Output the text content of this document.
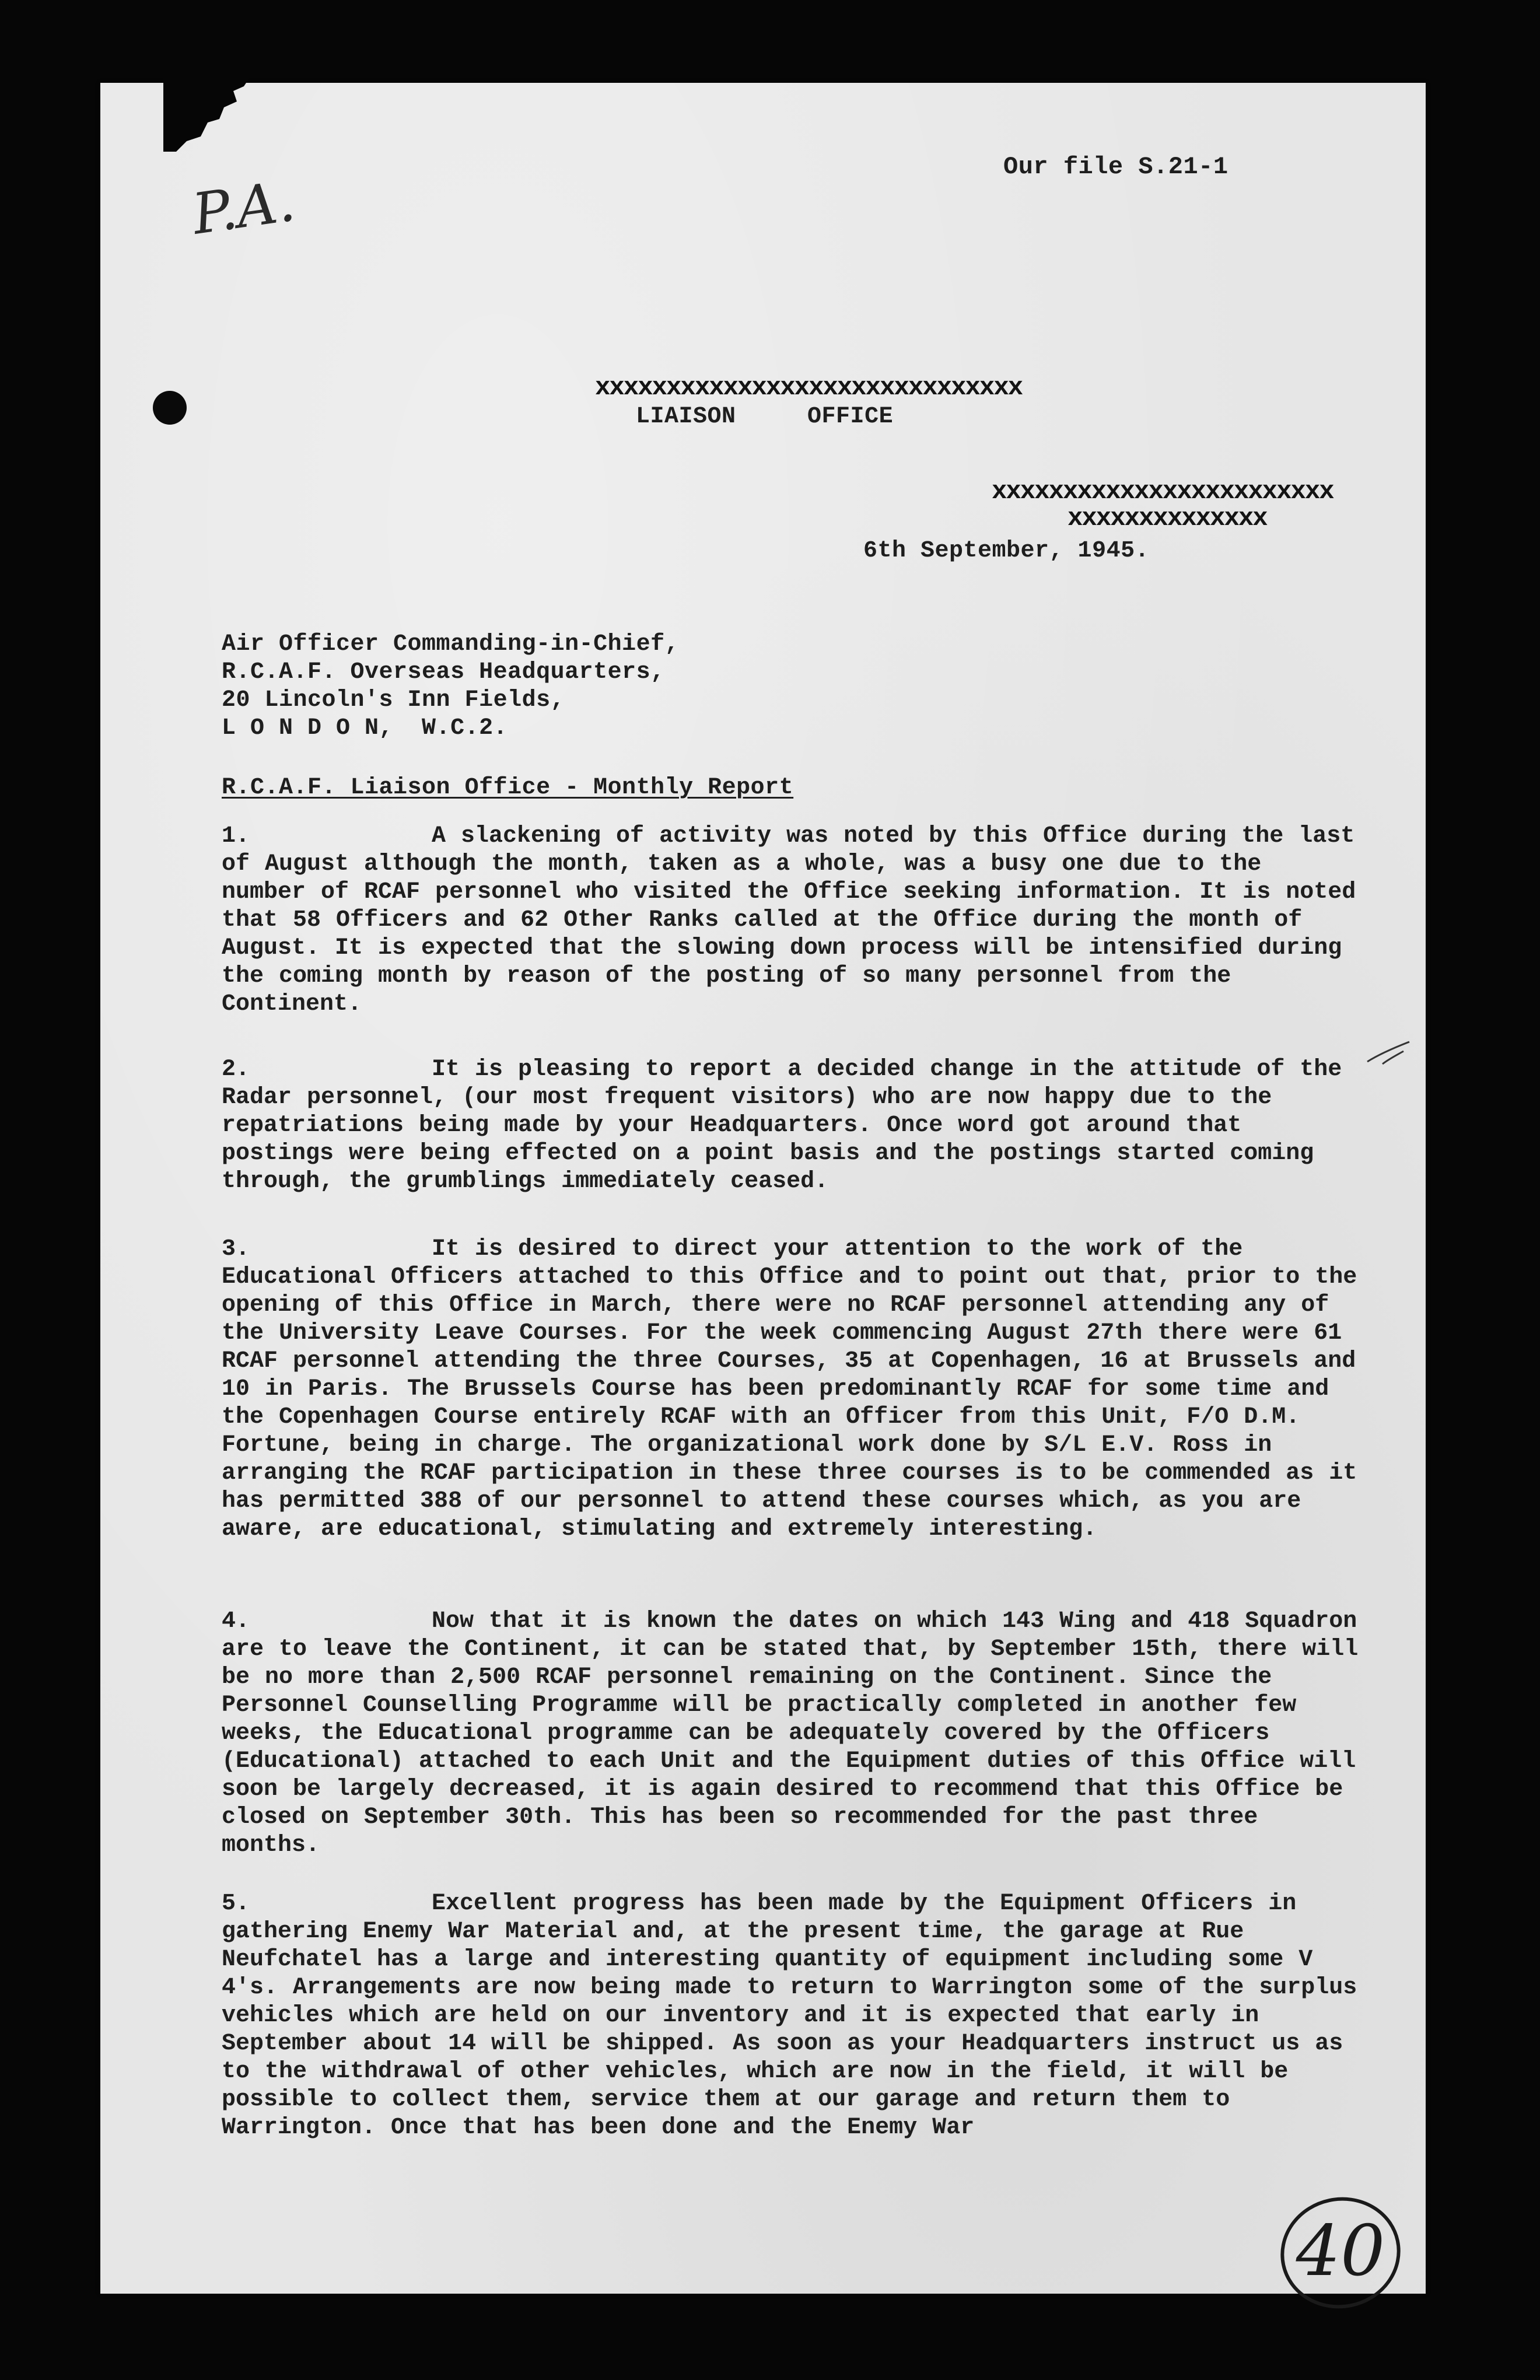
P.A.

Our file S.21-1

xxxxxxxxxxxxxxxxxxxxxxxxxxxxxx

LIAISON     OFFICE

xxxxxxxxxxxxxxxxxxxxxxxx

xxxxxxxxxxxxxx

6th September, 1945.

Air Officer Commanding-in-Chief,

R.C.A.F. Overseas Headquarters,

20 Lincoln's Inn Fields,

L O N D O N,  W.C.2.

R.C.A.F. Liaison Office - Monthly Report

1.	A slackening of activity was noted by this Office during the last of August although the month, taken as a whole, was a busy one due to the number of RCAF personnel who visited the Office seeking information. It is noted that 58 Officers and 62 Other Ranks called at the Office during the month of August. It is expected that the slowing down process will be intensified during the coming month by reason of the posting of so many personnel from the Continent.

2.	It is pleasing to report a decided change in the attitude of the Radar personnel, (our most frequent visitors) who are now happy due to the repatriations being made by your Headquarters. Once word got around that postings were being effected on a point basis and the postings started coming through, the grumblings immediately ceased.

3.	It is desired to direct your attention to the work of the Educational Officers attached to this Office and to point out that, prior to the opening of this Office in March, there were no RCAF personnel attending any of the University Leave Courses. For the week commencing August 27th there were 61 RCAF personnel attending the three Courses, 35 at Copenhagen, 16 at Brussels and 10 in Paris. The Brussels Course has been predominantly RCAF for some time and the Copenhagen Course entirely RCAF with an Officer from this Unit, F/O D.M. Fortune, being in charge. The organizational work done by S/L E.V. Ross in arranging the RCAF participation in these three courses is to be commended as it has permitted 388 of our personnel to attend these courses which, as you are aware, are educational, stimulating and extremely interesting.

4.	Now that it is known the dates on which 143 Wing and 418 Squadron are to leave the Continent, it can be stated that, by September 15th, there will be no more than 2,500 RCAF personnel remaining on the Continent. Since the Personnel Counselling Programme will be practically completed in another few weeks, the Educational programme can be adequately covered by the Officers (Educational) attached to each Unit and the Equipment duties of this Office will soon be largely decreased, it is again desired to recommend that this Office be closed on September 30th. This has been so recommended for the past three months.

5.	Excellent progress has been made by the Equipment Officers in gathering Enemy War Material and, at the present time, the garage at Rue Neufchatel has a large and interesting quantity of equipment including some V 4's. Arrangements are now being made to return to Warrington some of the surplus vehicles which are held on our inventory and it is expected that early in September about 14 will be shipped. As soon as your Headquarters instruct us as to the withdrawal of other vehicles, which are now in the field, it will be possible to collect them, service them at our garage and return them to Warrington. Once that has been done and the Enemy War

40
